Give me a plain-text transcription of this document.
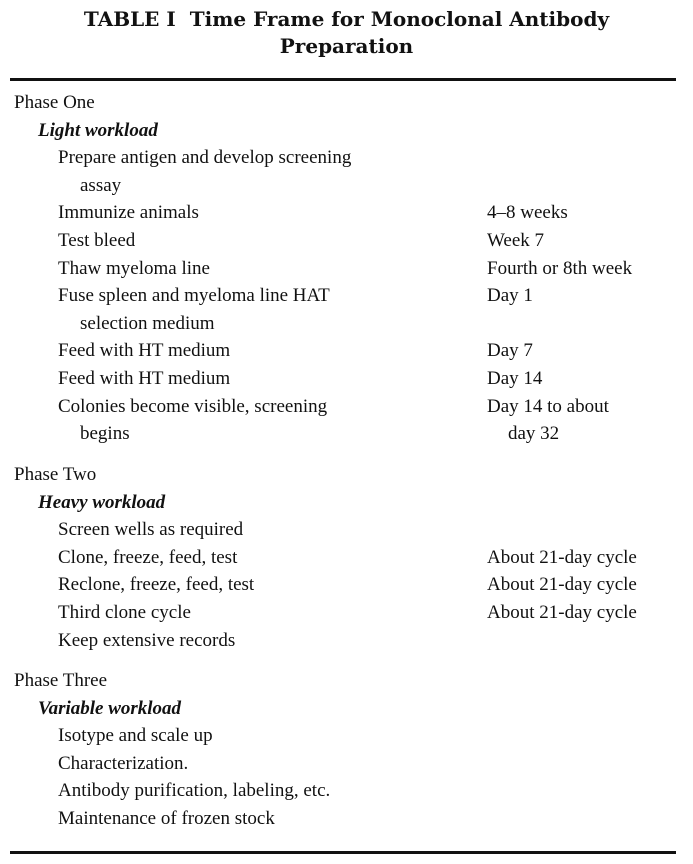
TABLE I Time Frame for Monoclonal Antibody
Preparation
Phase One
Light workload
Prepare antigen and develop screening
assay
Immunize animals	4–8 weeks
Test bleed	Week 7
Thaw myeloma line	Fourth or 8th week
Fuse spleen and myeloma line HAT	Day 1
selection medium
Feed with HT medium	Day 7
Feed with HT medium	Day 14
Colonies become visible, screening	Day 14 to about
begins	day 32
Phase Two
Heavy workload
Screen wells as required
Clone, freeze, feed, test	About 21-day cycle
Reclone, freeze, feed, test	About 21-day cycle
Third clone cycle	About 21-day cycle
Keep extensive records
Phase Three
Variable workload
Isotype and scale up
Characterization.
Antibody purification, labeling, etc.
Maintenance of frozen stock
